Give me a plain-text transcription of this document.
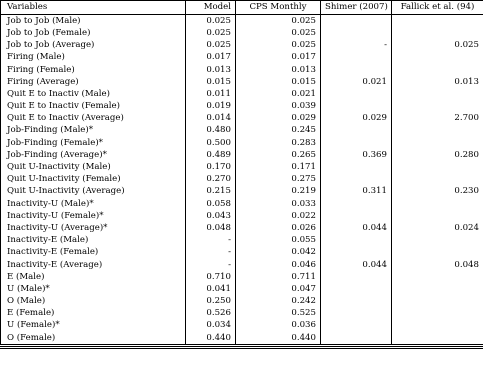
Variables	Model	CPS Monthly	Shimer (2007)	Fallick et al. (94)
Job to Job (Male)	0.025	0.025		
Job to Job (Female)	0.025	0.025		
Job to Job (Average)	0.025	0.025	-	0.025
Firing (Male)	0.017	0.017		
Firing (Female)	0.013	0.013		
Firing (Average)	0.015	0.015	0.021	0.013
Quit E to Inactiv (Male)	0.011	0.021		
Quit E to Inactiv (Female)	0.019	0.039		
Quit E to Inactiv (Average)	0.014	0.029	0.029	2.700
Job-Finding (Male)*	0.480	0.245		
Job-Finding (Female)*	0.500	0.283		
Job-Finding (Average)*	0.489	0.265	0.369	0.280
Quit U-Inactivity (Male)	0.170	0.171		
Quit U-Inactivity (Female)	0.270	0.275		
Quit U-Inactivity (Average)	0.215	0.219	0.311	0.230
Inactivity-U (Male)*	0.058	0.033		
Inactivity-U (Female)*	0.043	0.022		
Inactivity-U (Average)*	0.048	0.026	0.044	0.024
Inactivity-E (Male)	-	0.055		
Inactivity-E (Female)	-	0.042		
Inactivity-E (Average)	-	0.046	0.044	0.048
E (Male)	0.710	0.711		
U (Male)*	0.041	0.047		
O (Male)	0.250	0.242		
E (Female)	0.526	0.525		
U (Female)*	0.034	0.036		
O (Female)	0.440	0.440		
